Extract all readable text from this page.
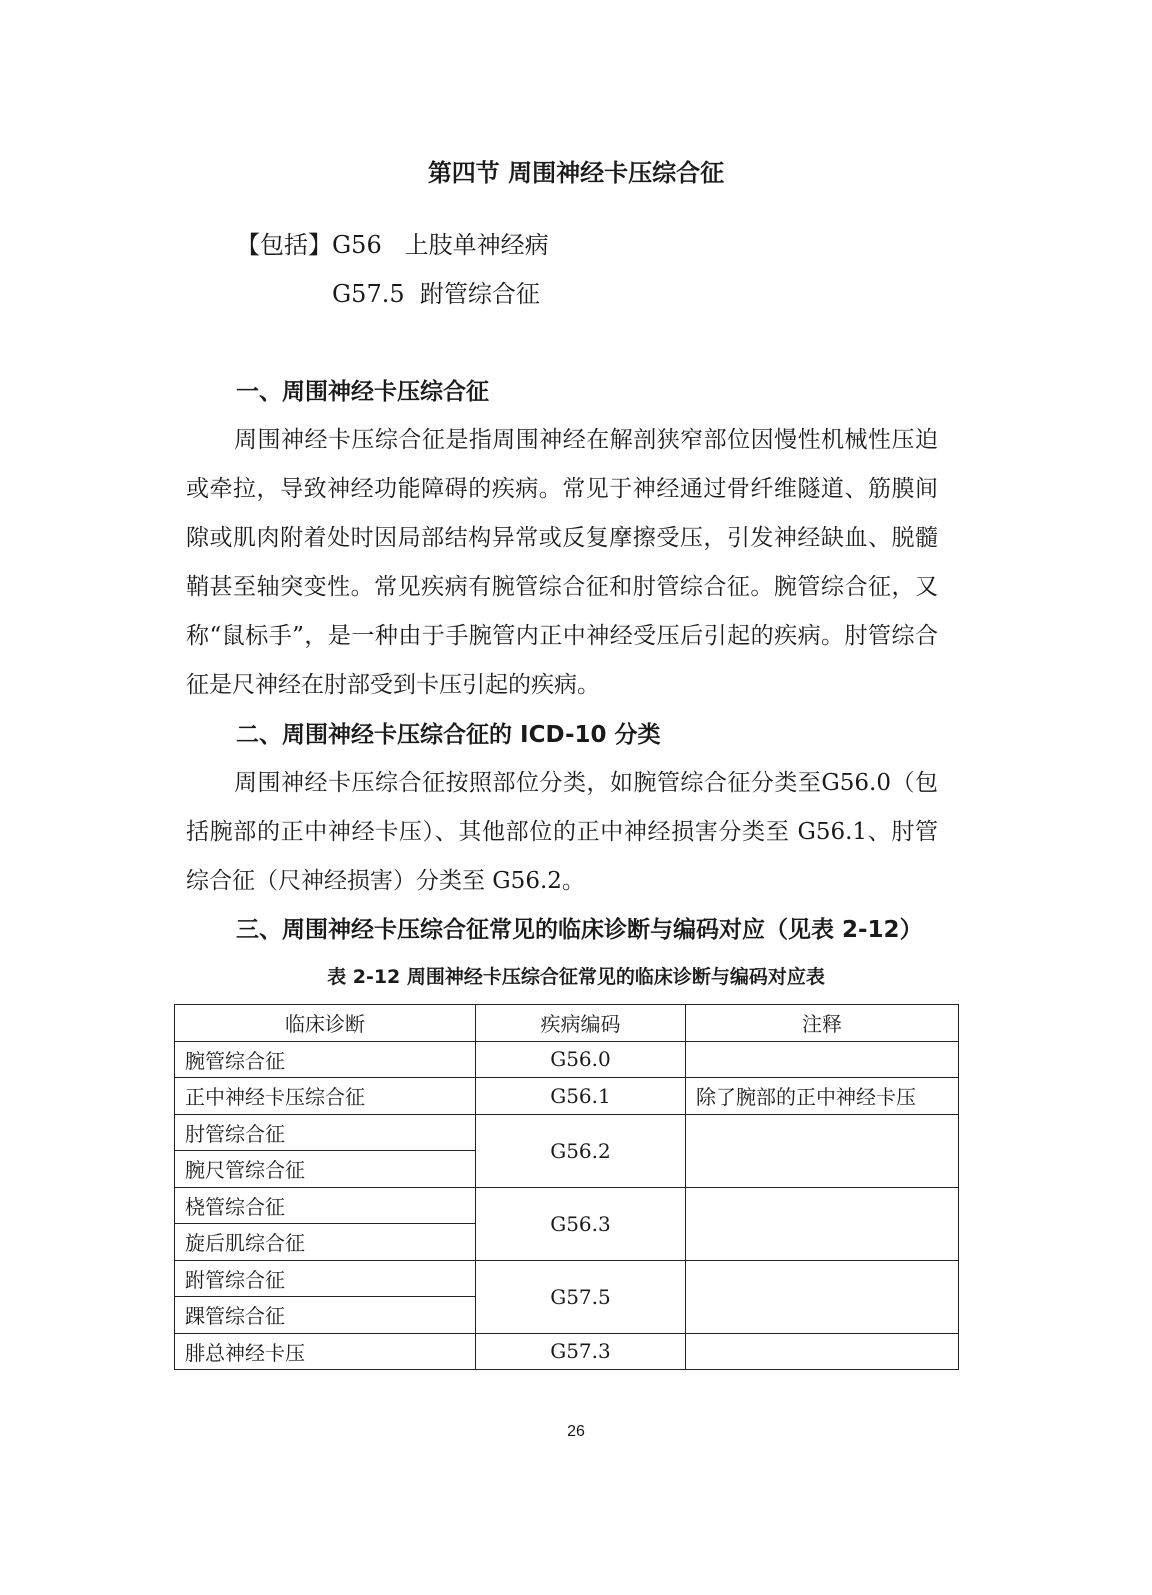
第四节 周围神经卡压综合征
【包括】G56   上肢单神经病
G57.5  跗管综合征
一、周围神经卡压综合征

周围神经卡压综合征是指周围神经在解剖狭窄部位因慢性机械性压迫或牵拉，导致神经功能障碍的疾病。常见于神经通过骨纤维隧道、筋膜间隙或肌肉附着处时因局部结构异常或反复摩擦受压，引发神经缺血、脱髓鞘甚至轴突变性。常见疾病有腕管综合征和肘管综合征。腕管综合征，又称“鼠标手”，是一种由于手腕管内正中神经受压后引起的疾病。肘管综合征是尺神经在肘部受到卡压引起的疾病。

二、周围神经卡压综合征的 ICD-10 分类

周围神经卡压综合征按照部位分类，如腕管综合征分类至G56.0（包括腕部的正中神经卡压）、其他部位的正中神经损害分类至 G56.1、肘管综合征（尺神经损害）分类至 G56.2。

三、周围神经卡压综合征常见的临床诊断与编码对应（见表 2-12）
表 2-12 周围神经卡压综合征常见的临床诊断与编码对应表
临床诊断	疾病编码	注释
腕管综合征	G56.0	
正中神经卡压综合征	G56.1	除了腕部的正中神经卡压
肘管综合征	G56.2	
腕尺管综合征		
桡管综合征	G56.3	
旋后肌综合征		
跗管综合征	G57.5	
踝管综合征		
腓总神经卡压	G57.3	
26
